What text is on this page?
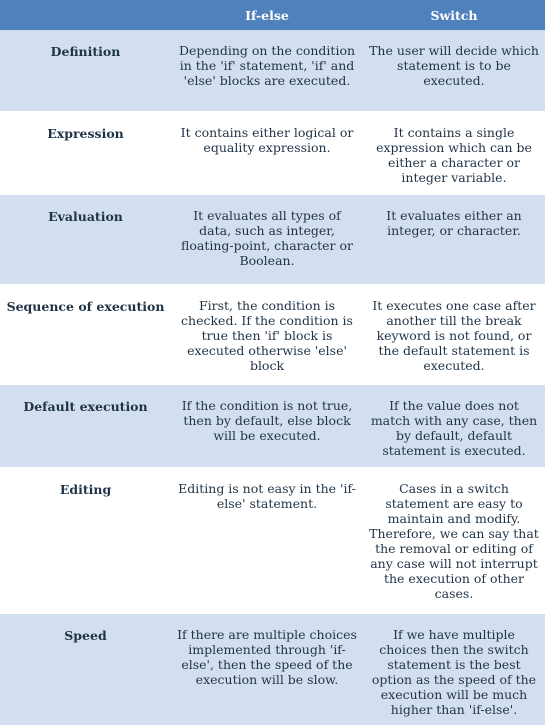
	If-else	Switch
Definition	Depending on the condition in the 'if' statement, 'if' and 'else' blocks are executed.	The user will decide which statement is to be executed.
Expression	It contains either logical or equality expression.	It contains a single expression which can be either a character or integer variable.
Evaluation	It evaluates all types of data, such as integer, floating-point, character or Boolean.	It evaluates either an integer, or character.
Sequence of execution	First, the condition is checked. If the condition is true then 'if' block is executed otherwise 'else' block	It executes one case after another till the break keyword is not found, or the default statement is executed.
Default execution	If the condition is not true, then by default, else block will be executed.	If the value does not match with any case, then by default, default statement is executed.
Editing	Editing is not easy in the 'if-else' statement.	Cases in a switch statement are easy to maintain and modify. Therefore, we can say that the removal or editing of any case will not interrupt the execution of other cases.
Speed	If there are multiple choices implemented through 'if-else', then the speed of the execution will be slow.	If we have multiple choices then the switch statement is the best option as the speed of the execution will be much higher than 'if-else'.
